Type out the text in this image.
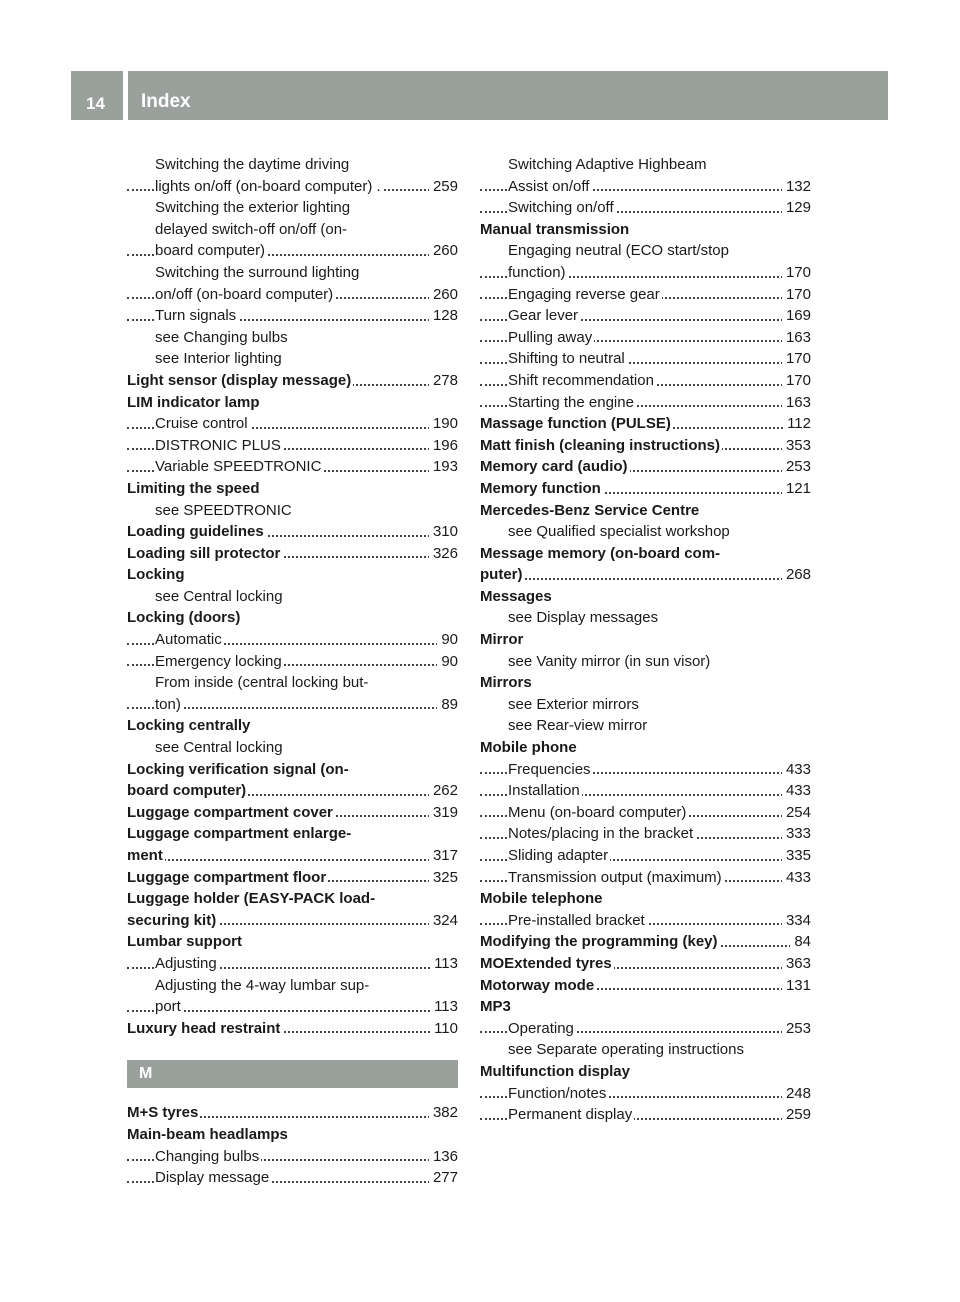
14 Index
Switching the daytime driving
lights on/off (on-board computer) .	259
Switching the exterior lighting
delayed switch-off on/off (on-
board computer)	260
Switching the surround lighting
on/off (on-board computer)	260
Turn signals	128
see Changing bulbs
see Interior lighting
Light sensor (display message)	278
LIM indicator lamp
Cruise control	190
DISTRONIC PLUS	196
Variable SPEEDTRONIC	193
Limiting the speed
see SPEEDTRONIC
Loading guidelines	310
Loading sill protector	326
Locking
see Central locking
Locking (doors)
Automatic	90
Emergency locking	90
From inside (central locking but-
ton)	89
Locking centrally
see Central locking
Locking verification signal (on-
board computer)	262
Luggage compartment cover	319
Luggage compartment enlarge-
ment	317
Luggage compartment floor	325
Luggage holder (EASY-PACK load-
securing kit)	324
Lumbar support
Adjusting	113
Adjusting the 4-way lumbar sup-
port	113
Luxury head restraint	110
M
M+S tyres	382
Main-beam headlamps
Changing bulbs	136
Display message	277
Switching Adaptive Highbeam
Assist on/off	132
Switching on/off	129
Manual transmission
Engaging neutral (ECO start/stop
function)	170
Engaging reverse gear	170
Gear lever	169
Pulling away	163
Shifting to neutral	170
Shift recommendation	170
Starting the engine	163
Massage function (PULSE)	112
Matt finish (cleaning instructions)	353
Memory card (audio)	253
Memory function	121
Mercedes-Benz Service Centre
see Qualified specialist workshop
Message memory (on-board com-
puter)	268
Messages
see Display messages
Mirror
see Vanity mirror (in sun visor)
Mirrors
see Exterior mirrors
see Rear-view mirror
Mobile phone
Frequencies	433
Installation	433
Menu (on-board computer)	254
Notes/placing in the bracket	333
Sliding adapter	335
Transmission output (maximum)	433
Mobile telephone
Pre-installed bracket	334
Modifying the programming (key)	84
MOExtended tyres	363
Motorway mode	131
MP3
Operating	253
see Separate operating instructions
Multifunction display
Function/notes	248
Permanent display	259
